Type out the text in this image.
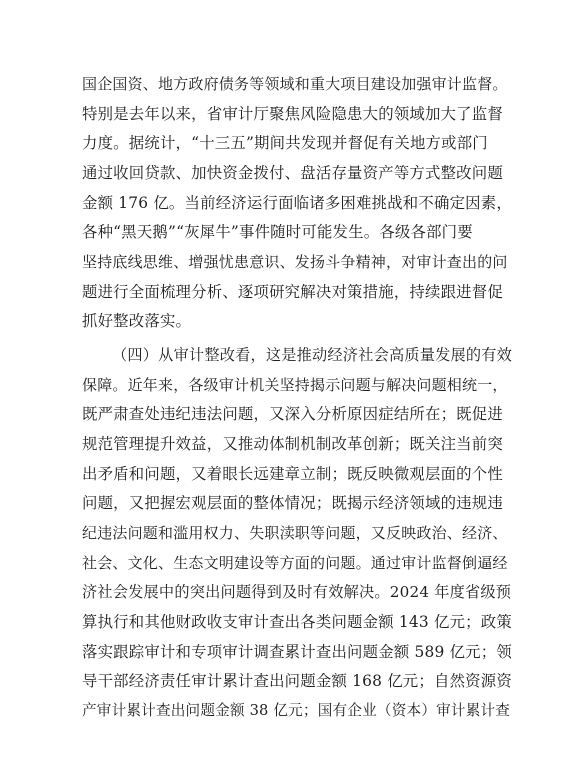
国企国资、地方政府债务等领域和重大项目建设加强审计监督。
特别是去年以来，省审计厅聚焦风险隐患大的领域加大了监督
力度。据统计，“十三五”期间共发现并督促有关地方或部门
通过收回贷款、加快资金拨付、盘活存量资产等方式整改问题
金额 176 亿。当前经济运行面临诸多困难挑战和不确定因素，
各种“黑天鹅”“灰犀牛”事件随时可能发生。各级各部门要
坚持底线思维、增强忧患意识、发扬斗争精神，对审计查出的问
题进行全面梳理分析、逐项研究解决对策措施，持续跟进督促
抓好整改落实。
（四）从审计整改看，这是推动经济社会高质量发展的有效
保障。近年来，各级审计机关坚持揭示问题与解决问题相统一，
既严肃查处违纪违法问题，又深入分析原因症结所在；既促进
规范管理提升效益，又推动体制机制改革创新；既关注当前突
出矛盾和问题，又着眼长远建章立制；既反映微观层面的个性
问题，又把握宏观层面的整体情况；既揭示经济领域的违规违
纪违法问题和滥用权力、失职渎职等问题，又反映政治、经济、
社会、文化、生态文明建设等方面的问题。通过审计监督倒逼经
济社会发展中的突出问题得到及时有效解决。2024 年度省级预
算执行和其他财政收支审计查出各类问题金额 143 亿元；政策
落实跟踪审计和专项审计调查累计查出问题金额 589 亿元；领
导干部经济责任审计累计查出问题金额 168 亿元；自然资源资
产审计累计查出问题金额 38 亿元；国有企业（资本）审计累计查
